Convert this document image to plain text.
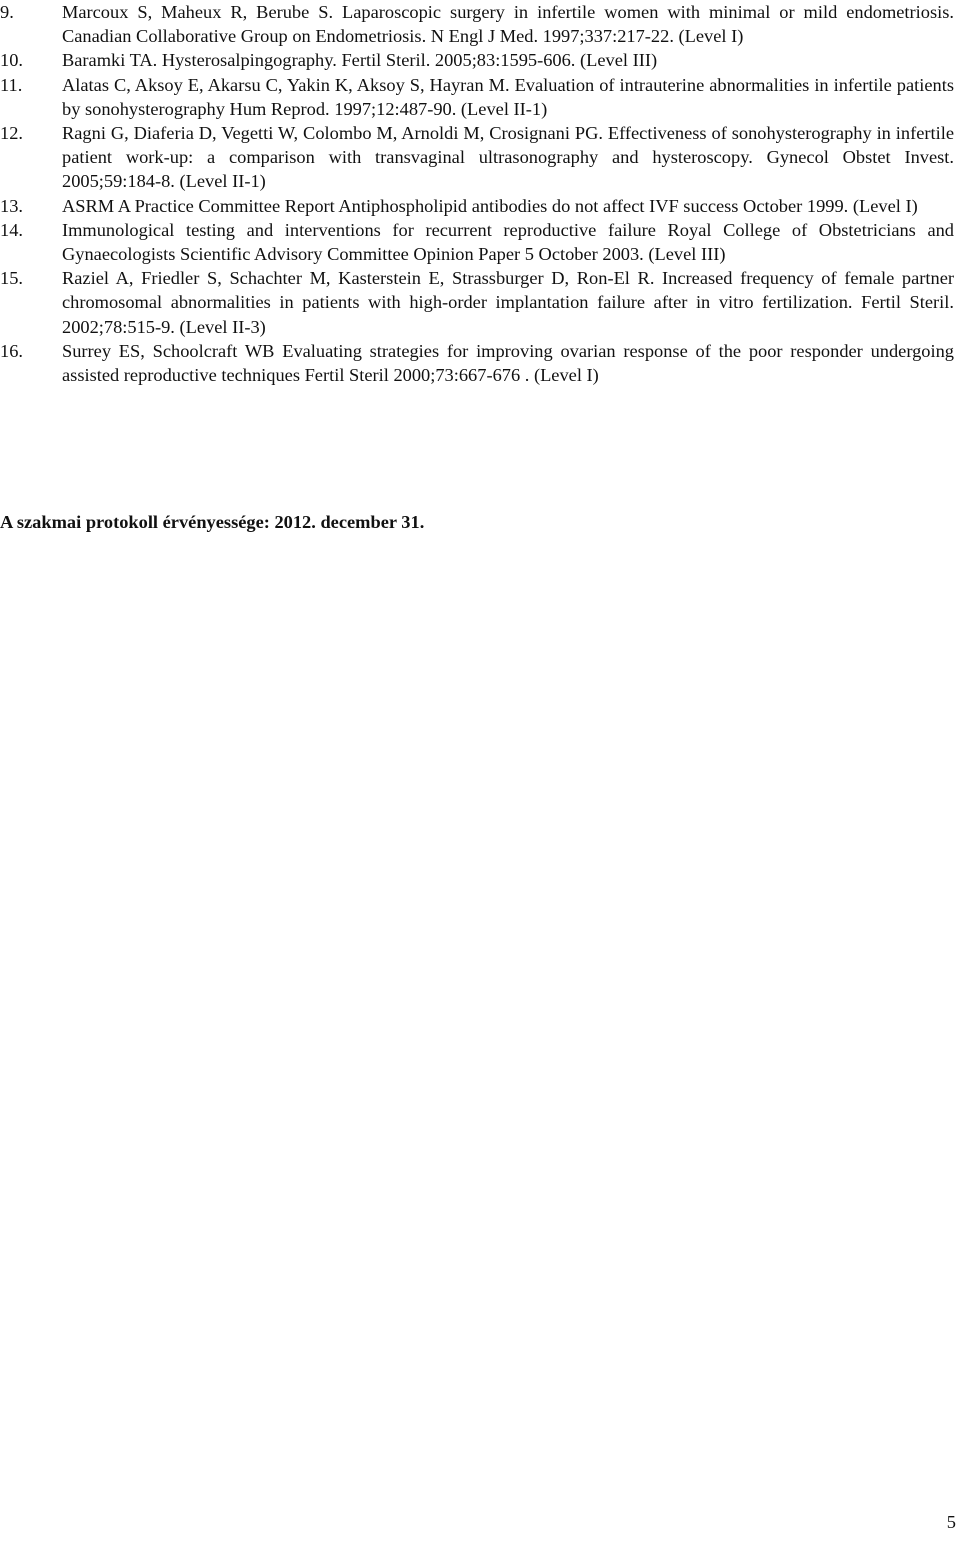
9.	Marcoux S, Maheux R, Berube S. Laparoscopic surgery in infertile women with minimal or mild endometriosis. Canadian Collaborative Group on Endometriosis. N Engl J Med. 1997;337:217-22. (Level I)
10.	Baramki TA. Hysterosalpingography. Fertil Steril. 2005;83:1595-606. (Level III)
11.	Alatas C, Aksoy E, Akarsu C, Yakin K, Aksoy S, Hayran M. Evaluation of intrauterine abnormalities in infertile patients by sonohysterography Hum Reprod. 1997;12:487-90. (Level II-1)
12.	Ragni G, Diaferia D, Vegetti W, Colombo M, Arnoldi M, Crosignani PG. Effectiveness of sonohysterography in infertile patient work-up: a comparison with transvaginal ultrasonography and hysteroscopy. Gynecol Obstet Invest. 2005;59:184-8. (Level II-1)
13.	ASRM A Practice Committee Report Antiphospholipid antibodies do not affect IVF success October 1999. (Level I)
14.	Immunological testing and interventions for recurrent reproductive failure Royal College of Obstetricians and Gynaecologists Scientific Advisory Committee Opinion Paper 5 October 2003. (Level III)
15.	Raziel A, Friedler S, Schachter M, Kasterstein E, Strassburger D, Ron-El R. Increased frequency of female partner chromosomal abnormalities in patients with high-order implantation failure after in vitro fertilization. Fertil Steril. 2002;78:515-9. (Level II-3)
16.	Surrey ES, Schoolcraft WB Evaluating strategies for improving ovarian response of the poor responder undergoing assisted reproductive techniques Fertil Steril 2000;73:667-676 . (Level I)
A szakmai protokoll érvényessége: 2012. december 31.
5
